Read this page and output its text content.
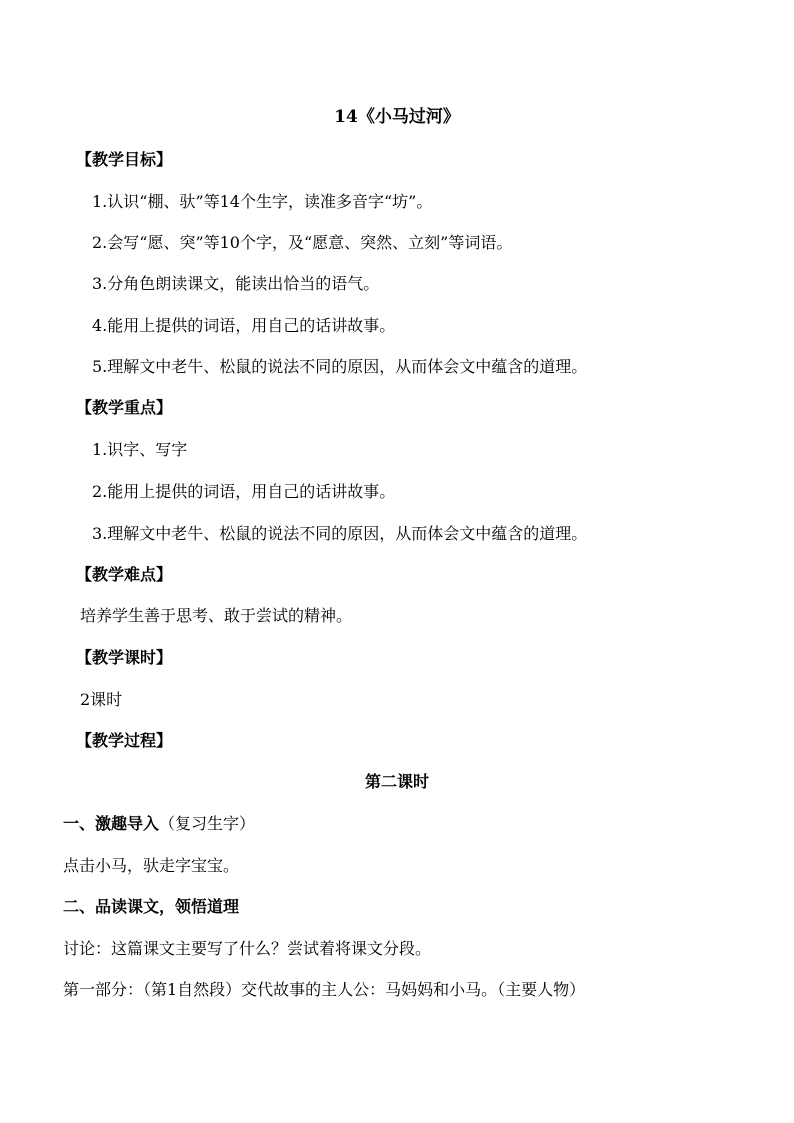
14《小马过河》
【教学目标】
1.认识“棚、驮”等14个生字，读准多音字“坊”。
2.会写“愿、突”等10个字，及“愿意、突然、立刻”等词语。
3.分角色朗读课文，能读出恰当的语气。
4.能用上提供的词语，用自己的话讲故事。
5.理解文中老牛、松鼠的说法不同的原因，从而体会文中蕴含的道理。
【教学重点】
1.识字、写字
2.能用上提供的词语，用自己的话讲故事。
3.理解文中老牛、松鼠的说法不同的原因，从而体会文中蕴含的道理。
【教学难点】
培养学生善于思考、敢于尝试的精神。
【教学课时】
2课时
【教学过程】
第二课时
一、激趣导入（复习生字）
点击小马，驮走字宝宝。
二、品读课文，领悟道理
讨论：这篇课文主要写了什么？尝试着将课文分段。
第一部分：（第1自然段）交代故事的主人公：马妈妈和小马。（主要人物）
